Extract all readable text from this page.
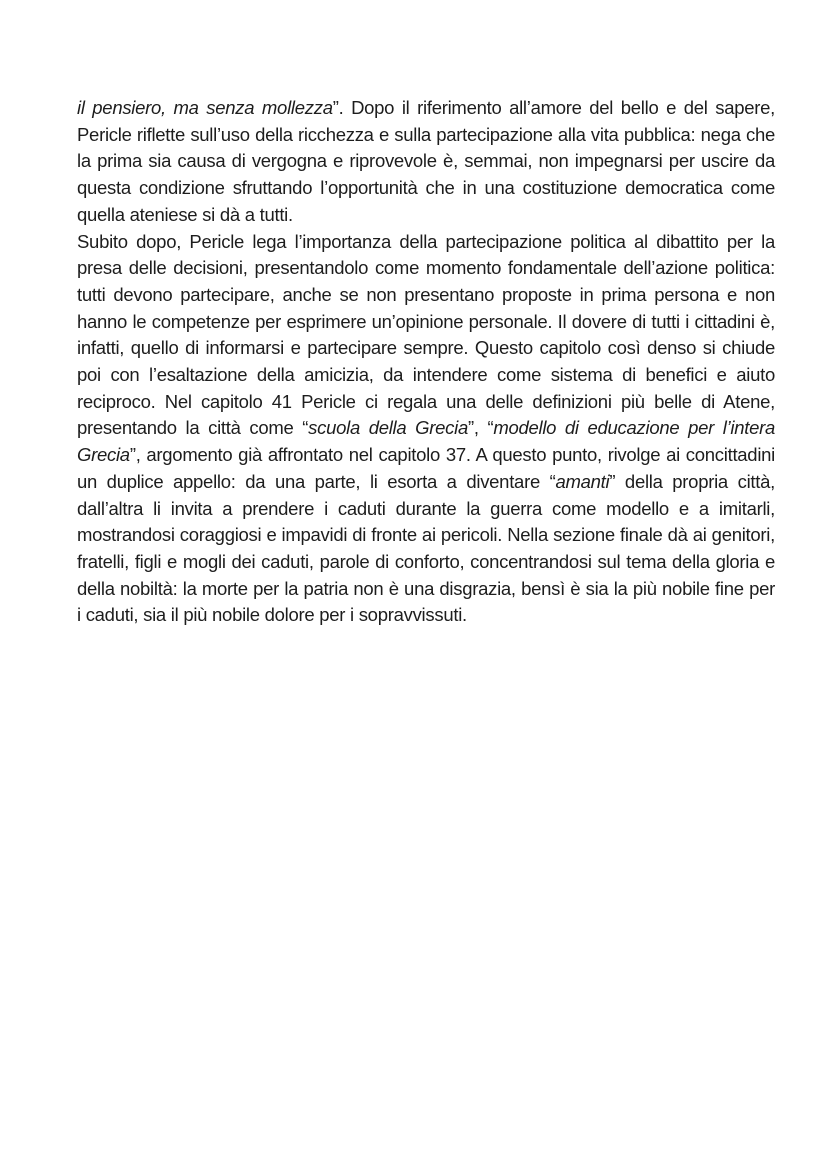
il pensiero, ma senza mollezza”. Dopo il riferimento all’amore del bello e del sapere, Pericle riflette sull’uso della ricchezza e sulla partecipazione alla vita pubblica: nega che la prima sia causa di vergogna e riprovevole è, semmai, non impegnarsi per uscire da questa condizione sfruttando l’opportunità che in una costituzione democratica come quella ateniese si dà a tutti.

Subito dopo, Pericle lega l’importanza della partecipazione politica al dibattito per la presa delle decisioni, presentandolo come momento fondamentale dell’azione politica: tutti devono partecipare, anche se non presentano proposte in prima persona e non hanno le competenze per esprimere un’opinione personale. Il dovere di tutti i cittadini è, infatti, quello di informarsi e partecipare sempre. Questo capitolo così denso si chiude poi con l’esaltazione della amicizia, da intendere come sistema di benefici e aiuto reciproco. Nel capitolo 41 Pericle ci regala una delle definizioni più belle di Atene, presentando la città come “scuola della Grecia”, “modello di educazione per l’intera Grecia”, argomento già affrontato nel capitolo 37. A questo punto, rivolge ai concittadini un duplice appello: da una parte, li esorta a diventare “amanti” della propria città, dall’altra li invita a prendere i caduti durante la guerra come modello e a imitarli, mostrandosi coraggiosi e impavidi di fronte ai pericoli. Nella sezione finale dà ai genitori, fratelli, figli e mogli dei caduti, parole di conforto, concentrandosi sul tema della gloria e della nobiltà: la morte per la patria non è una disgrazia, bensì è sia la più nobile fine per i caduti, sia il più nobile dolore per i sopravvissuti.
